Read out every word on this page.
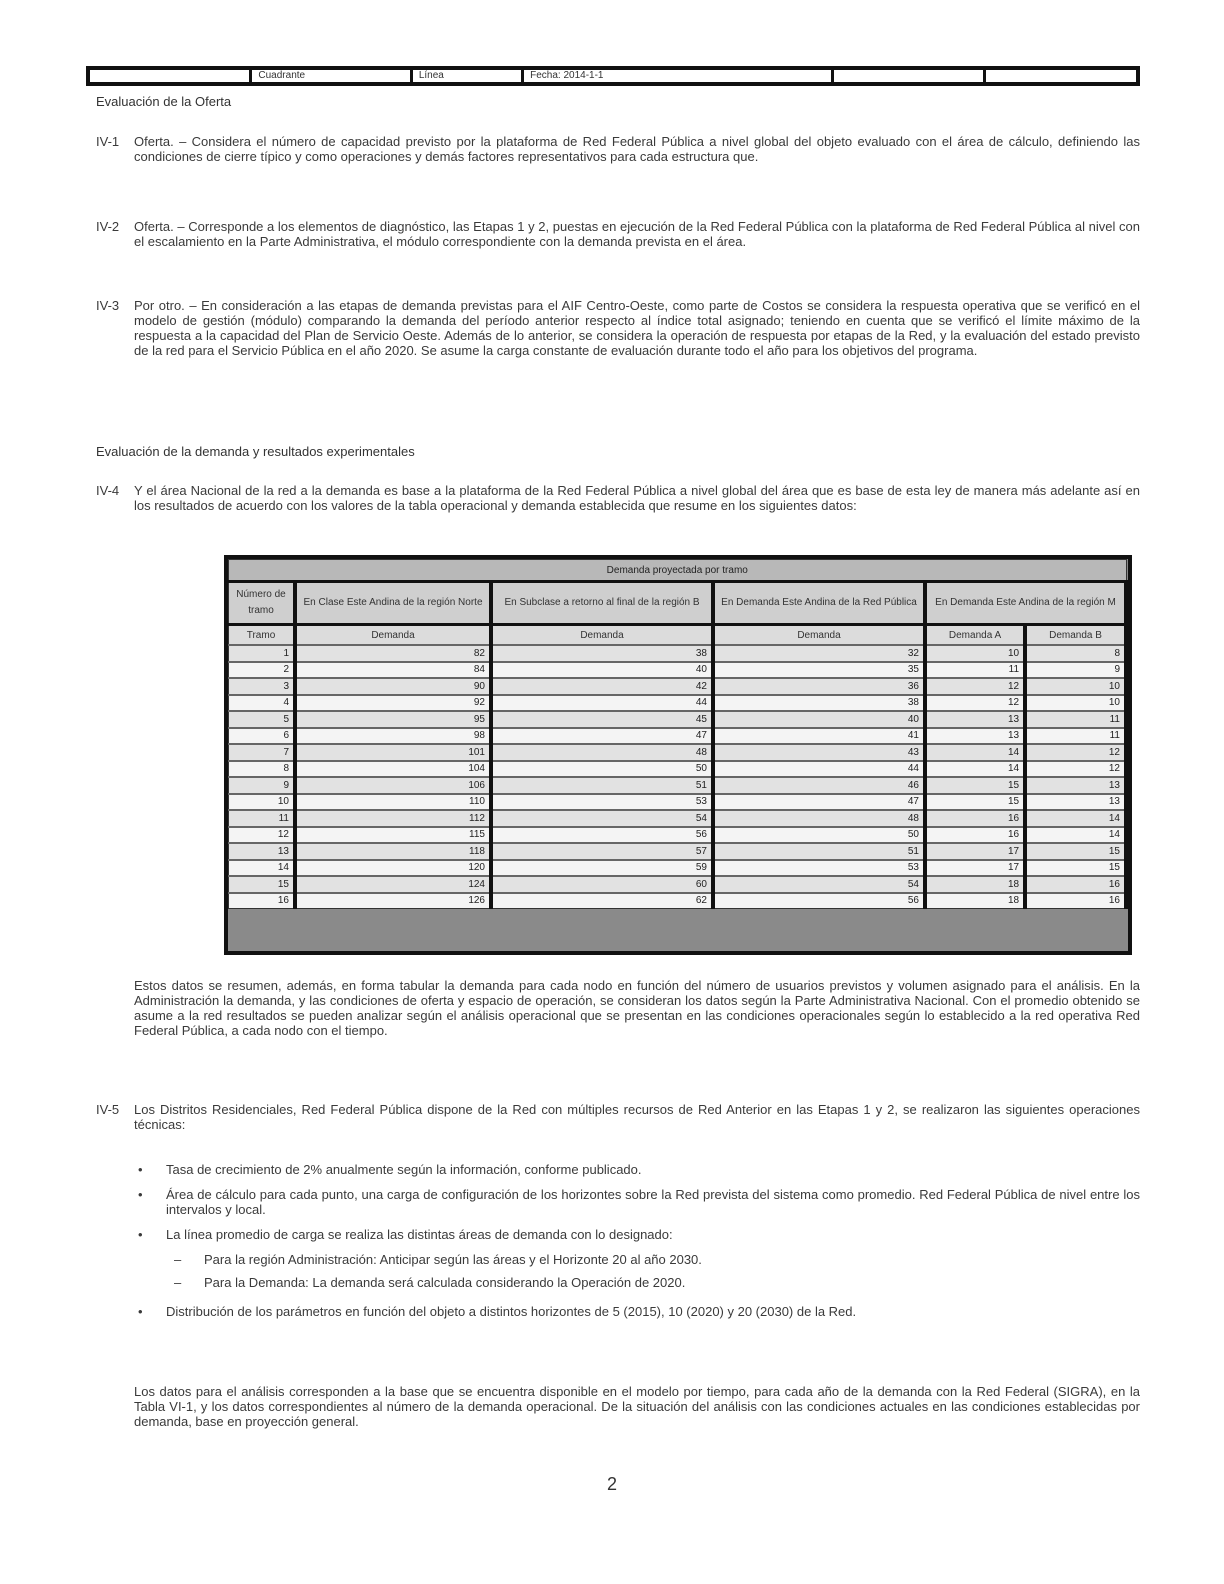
Cuadrante	Línea	Fecha: 2014-1-1
Evaluación de la Oferta
IV-1	Oferta. – Considera el número de capacidad previsto por la plataforma de Red Federal Pública a nivel global del objeto evaluado con el área de cálculo, definiendo las condiciones de cierre típico y como operaciones y demás factores representativos para cada estructura que.
IV-2	Oferta. – Corresponde a los elementos de diagnóstico, las Etapas 1 y 2, puestas en ejecución de la Red Federal Pública con la plataforma de Red Federal Pública al nivel con el escalamiento en la Parte Administrativa, el módulo correspondiente con la demanda prevista en el área.
IV-3	Por otro. – En consideración a las etapas de demanda previstas para el AIF Centro-Oeste, como parte de Costos se considera la respuesta operativa que se verificó en el modelo de gestión (módulo) comparando la demanda del período anterior respecto al índice total asignado; teniendo en cuenta que se verificó el límite máximo de la respuesta a la capacidad del Plan de Servicio Oeste. Además de lo anterior, se considera la operación de respuesta por etapas de la Red, y la evaluación del estado previsto de la red para el Servicio Pública en el año 2020. Se asume la carga constante de evaluación durante todo el año para los objetivos del programa.
Evaluación de la demanda y resultados experimentales
IV-4	Y el área Nacional de la red a la demanda es base a la plataforma de la Red Federal Pública a nivel global del área que es base de esta ley de manera más adelante así en los resultados de acuerdo con los valores de la tabla operacional y demanda establecida que resume en los siguientes datos:
Demanda proyectada por tramo					
Número de tramo	En Clase Este Andina de la región Norte	En Subclase a retorno al final de la región B	En Demanda Este Andina de la Red Pública	En Demanda Este Andina de la región M	
Tramo	Demanda	Demanda	Demanda	Demanda A	Demanda B
1	82	38	32	10	8
2	84	40	35	11	9
3	90	42	36	12	10
4	92	44	38	12	10
5	95	45	40	13	11
6	98	47	41	13	11
7	101	48	43	14	12
8	104	50	44	14	12
9	106	51	46	15	13
10	110	53	47	15	13
11	112	54	48	16	14
12	115	56	50	16	14
13	118	57	51	17	15
14	120	59	53	17	15
15	124	60	54	18	16
16	126	62	56	18	16
Estos datos se resumen, además, en forma tabular la demanda para cada nodo en función del número de usuarios previstos y volumen asignado para el análisis. En la Administración la demanda, y las condiciones de oferta y espacio de operación, se consideran los datos según la Parte Administrativa Nacional. Con el promedio obtenido se asume a la red resultados se pueden analizar según el análisis operacional que se presentan en las condiciones operacionales según lo establecido a la red operativa Red Federal Pública, a cada nodo con el tiempo.
IV-5	Los Distritos Residenciales, Red Federal Pública dispone de la Red con múltiples recursos de Red Anterior en las Etapas 1 y 2, se realizaron las siguientes operaciones técnicas:
• Tasa de crecimiento de 2% anualmente según la información, conforme publicado.
• Área de cálculo para cada punto, una carga de configuración de los horizontes sobre la Red prevista del sistema como promedio. Red Federal Pública de nivel entre los intervalos y local.
• La línea promedio de carga se realiza las distintas áreas de demanda con lo designado:
– Para la región Administración: Anticipar según las áreas y el Horizonte 20 al año 2030.
– Para la Demanda: La demanda será calculada considerando la Operación de 2020.
• Distribución de los parámetros en función del objeto a distintos horizontes de 5 (2015), 10 (2020) y 20 (2030) de la Red.
Los datos para el análisis corresponden a la base que se encuentra disponible en el modelo por tiempo, para cada año de la demanda con la Red Federal (SIGRA), en la Tabla VI-1, y los datos correspondientes al número de la demanda operacional. De la situación del análisis con las condiciones actuales en las condiciones establecidas por demanda, base en proyección general.
2
